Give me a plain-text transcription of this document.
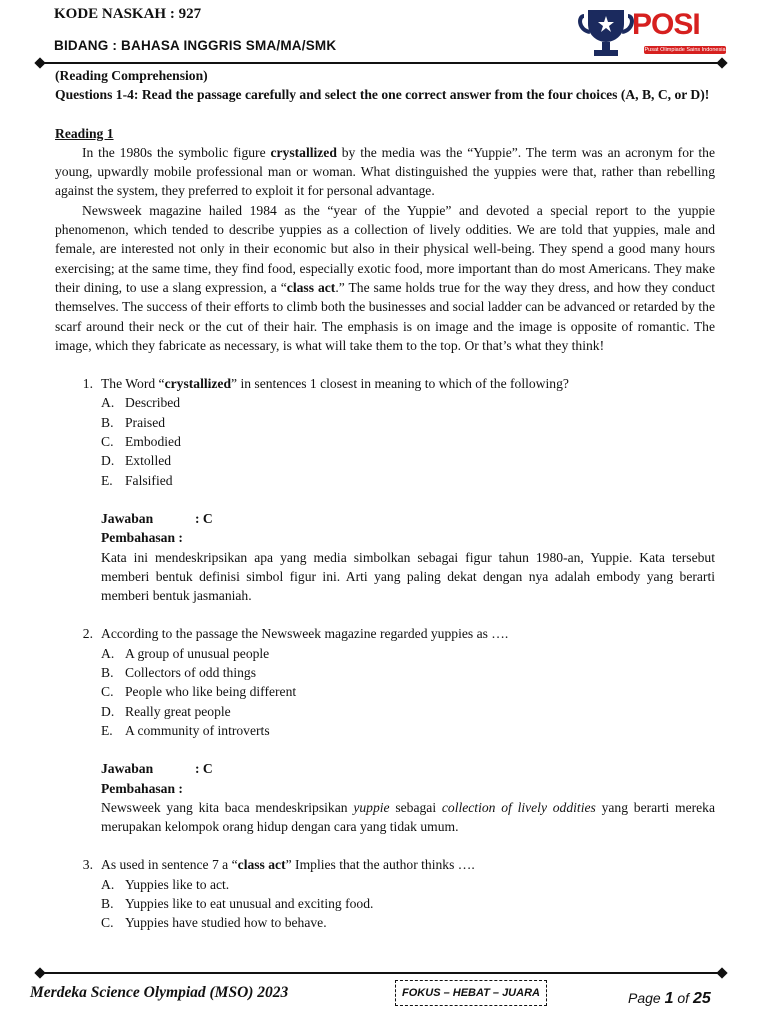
KODE NASKAH : 927
BIDANG : BAHASA INGGRIS SMA/MA/SMK
POSI
Pusat Olimpiade Sains Indonesia

(Reading Comprehension)

Questions 1-4: Read the passage carefully and select the one correct answer from the four choices (A, B, C, or D)!

Reading 1

In the 1980s the symbolic figure crystallized by the media was the “Yuppie”. The term was an acronym for the young, upwardly mobile professional man or woman. What distinguished the yuppies were that, rather than rebelling against the system, they preferred to exploit it for personal advantage.

Newsweek magazine hailed 1984 as the “year of the Yuppie” and devoted a special report to the yuppie phenomenon, which tended to describe yuppies as a collection of lively oddities. We are told that yuppies, male and female, are interested not only in their economic but also in their physical well-being. They spend a good many hours exercising; at the same time, they find food, especially exotic food, more important than do most Americans. They make their dining, to use a slang expression, a “class act.” The same holds true for the way they dress, and how they conduct themselves. The success of their efforts to climb both the businesses and social ladder can be advanced or retarded by the scarf around their neck or the cut of their hair. The emphasis is on image and the image is opposite of romantic. The image, which they fabricate as necessary, is what will take them to the top. Or that’s what they think!

1. The Word “crystallized” in sentences 1 closest in meaning to which of the following?
A. Described
B. Praised
C. Embodied
D. Extolled
E. Falsified
Jawaban	: C
Pembahasan :
Kata ini mendeskripsikan apa yang media simbolkan sebagai figur tahun 1980-an, Yuppie. Kata tersebut memberi bentuk definisi simbol figur ini. Arti yang paling dekat dengan nya adalah embody yang berarti memberi bentuk jasmaniah.
2. According to the passage the Newsweek magazine regarded yuppies as ….
A. A group of unusual people
B. Collectors of odd things
C. People who like being different
D. Really great people
E. A community of introverts
Jawaban	: C
Pembahasan :
Newsweek yang kita baca mendeskripsikan yuppie sebagai collection of lively oddities yang berarti mereka merupakan kelompok orang hidup dengan cara yang tidak umum.
3. As used in sentence 7 a “class act” Implies that the author thinks ….
A. Yuppies like to act.
B. Yuppies like to eat unusual and exciting food.
C. Yuppies have studied how to behave.
Merdeka Science Olympiad (MSO) 2023	FOKUS – HEBAT – JUARA	Page 1 of 25
